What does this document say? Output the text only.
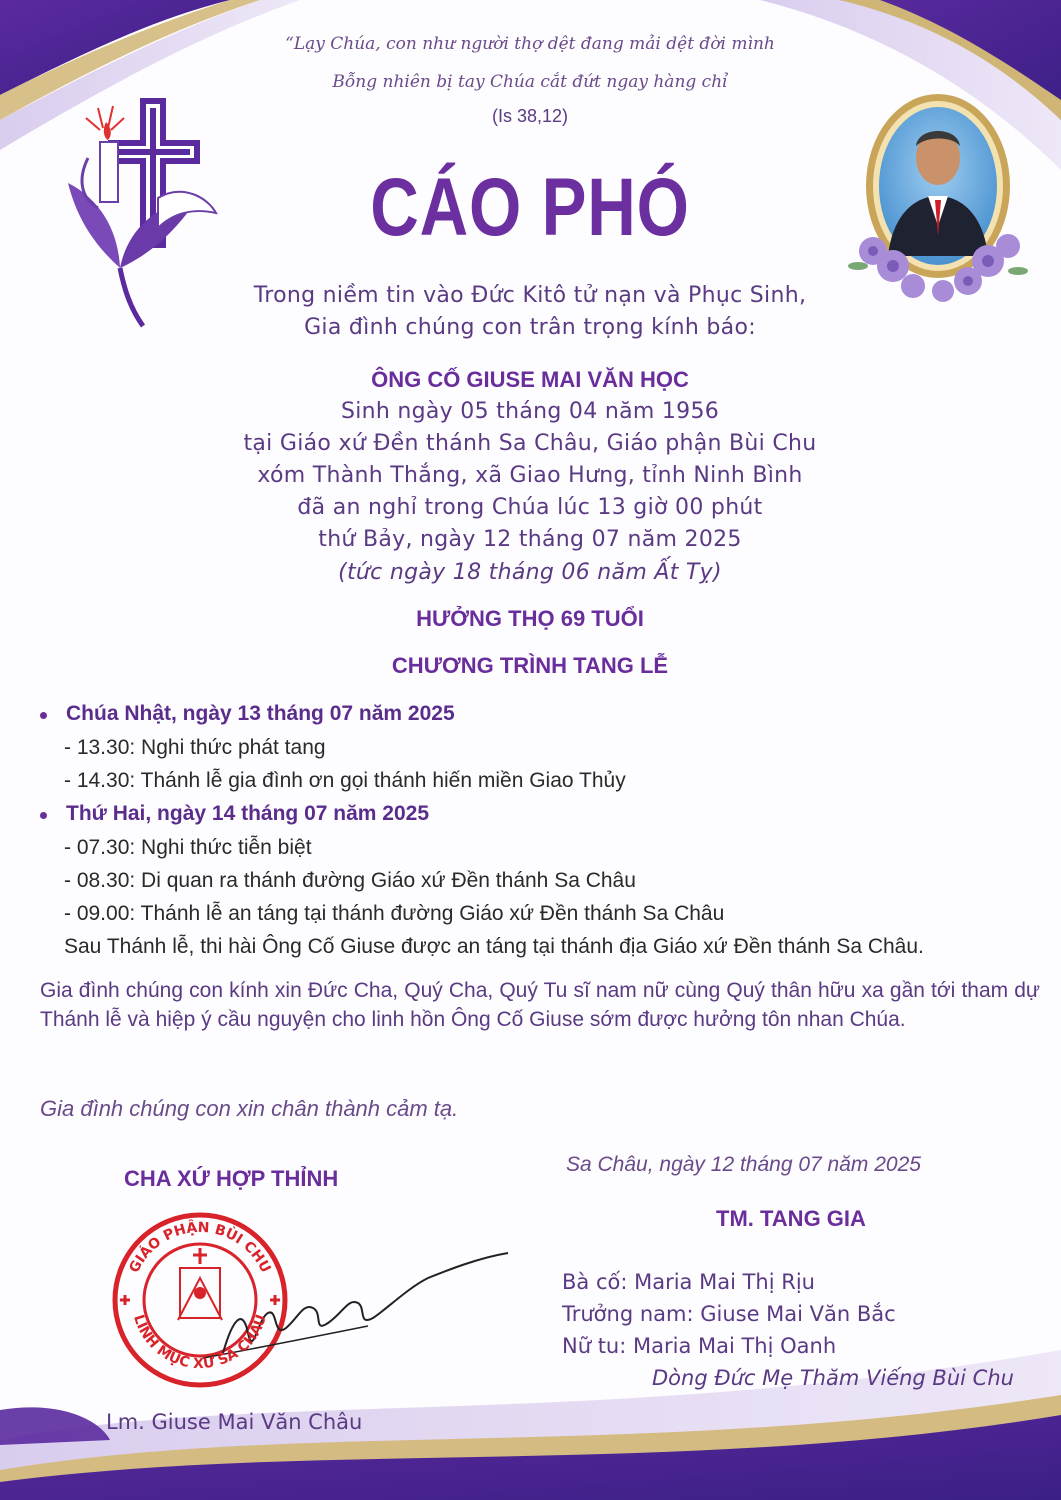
“Lạy Chúa, con như người thợ dệt đang mải dệt đời mình

Bỗng nhiên bị tay Chúa cắt đứt ngay hàng chỉ

(Is 38,12)

CÁO PHÓ

Trong niềm tin vào Đức Kitô tử nạn và Phục Sinh,

Gia đình chúng con trân trọng kính báo:

ÔNG CỐ GIUSE MAI VĂN HỌC

Sinh ngày 05 tháng 04 năm 1956

tại Giáo xứ Đền thánh Sa Châu, Giáo phận Bùi Chu

xóm Thành Thắng, xã Giao Hưng, tỉnh Ninh Bình

đã an nghỉ trong Chúa lúc 13 giờ 00 phút

thứ Bảy, ngày 12 tháng 07 năm 2025

(tức ngày 18 tháng 06 năm Ất Tỵ)

HƯỞNG THỌ 69 TUỔI

CHƯƠNG TRÌNH TANG LỄ

Chúa Nhật, ngày 13 tháng 07 năm 2025

- 13.30: Nghi thức phát tang

- 14.30: Thánh lễ gia đình ơn gọi thánh hiến miền Giao Thủy

Thứ Hai, ngày 14 tháng 07 năm 2025

- 07.30: Nghi thức tiễn biệt

- 08.30: Di quan ra thánh đường Giáo xứ Đền thánh Sa Châu

- 09.00: Thánh lễ an táng tại thánh đường Giáo xứ Đền thánh Sa Châu

Sau Thánh lễ, thi hài Ông Cố Giuse được an táng tại thánh địa Giáo xứ Đền thánh Sa Châu.

Gia đình chúng con kính xin Đức Cha, Quý Cha, Quý Tu sĩ nam nữ cùng Quý thân hữu xa gần tới tham dự Thánh lễ và hiệp ý cầu nguyện cho linh hồn Ông Cố Giuse sớm được hưởng tôn nhan Chúa.

Gia đình chúng con xin chân thành cảm tạ.

CHA XỨ HỢP THỈNH

GIÁO PHẬN BÙI CHU
LINH MỤC XỨ SA CHÂU

Lm. Giuse Mai Văn Châu

Sa Châu, ngày 12 tháng 07 năm 2025

TM. TANG GIA

Bà cố: Maria Mai Thị Rịu

Trưởng nam: Giuse Mai Văn Bắc

Nữ tu: Maria Mai Thị Oanh

Dòng Đức Mẹ Thăm Viếng Bùi Chu
